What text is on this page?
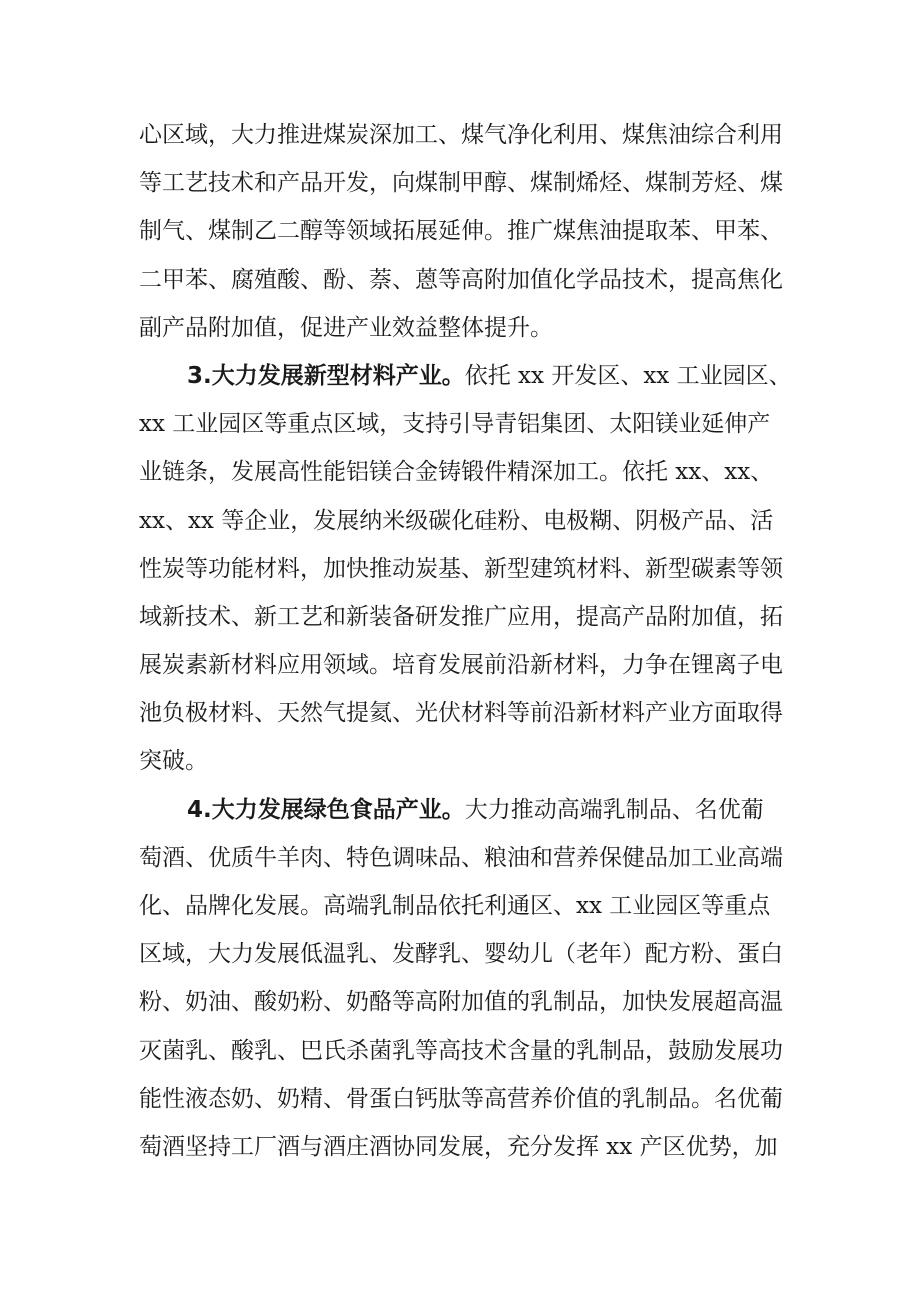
心区域，大力推进煤炭深加工、煤气净化利用、煤焦油综合利用
等工艺技术和产品开发，向煤制甲醇、煤制烯烃、煤制芳烃、煤
制气、煤制乙二醇等领域拓展延伸。推广煤焦油提取苯、甲苯、
二甲苯、腐殖酸、酚、萘、蒽等高附加值化学品技术，提高焦化
副产品附加值，促进产业效益整体提升。
3.大力发展新型材料产业。依托 xx 开发区、xx 工业园区、
xx 工业园区等重点区域，支持引导青铝集团、太阳镁业延伸产
业链条，发展高性能铝镁合金铸锻件精深加工。依托 xx、xx、
xx、xx 等企业，发展纳米级碳化硅粉、电极糊、阴极产品、活
性炭等功能材料，加快推动炭基、新型建筑材料、新型碳素等领
域新技术、新工艺和新装备研发推广应用，提高产品附加值，拓
展炭素新材料应用领域。培育发展前沿新材料，力争在锂离子电
池负极材料、天然气提氦、光伏材料等前沿新材料产业方面取得
突破。
4.大力发展绿色食品产业。大力推动高端乳制品、名优葡
萄酒、优质牛羊肉、特色调味品、粮油和营养保健品加工业高端
化、品牌化发展。高端乳制品依托利通区、xx 工业园区等重点
区域，大力发展低温乳、发酵乳、婴幼儿（老年）配方粉、蛋白
粉、奶油、酸奶粉、奶酪等高附加值的乳制品，加快发展超高温
灭菌乳、酸乳、巴氏杀菌乳等高技术含量的乳制品，鼓励发展功
能性液态奶、奶精、骨蛋白钙肽等高营养价值的乳制品。名优葡
萄酒坚持工厂酒与酒庄酒协同发展，充分发挥 xx 产区优势，加
